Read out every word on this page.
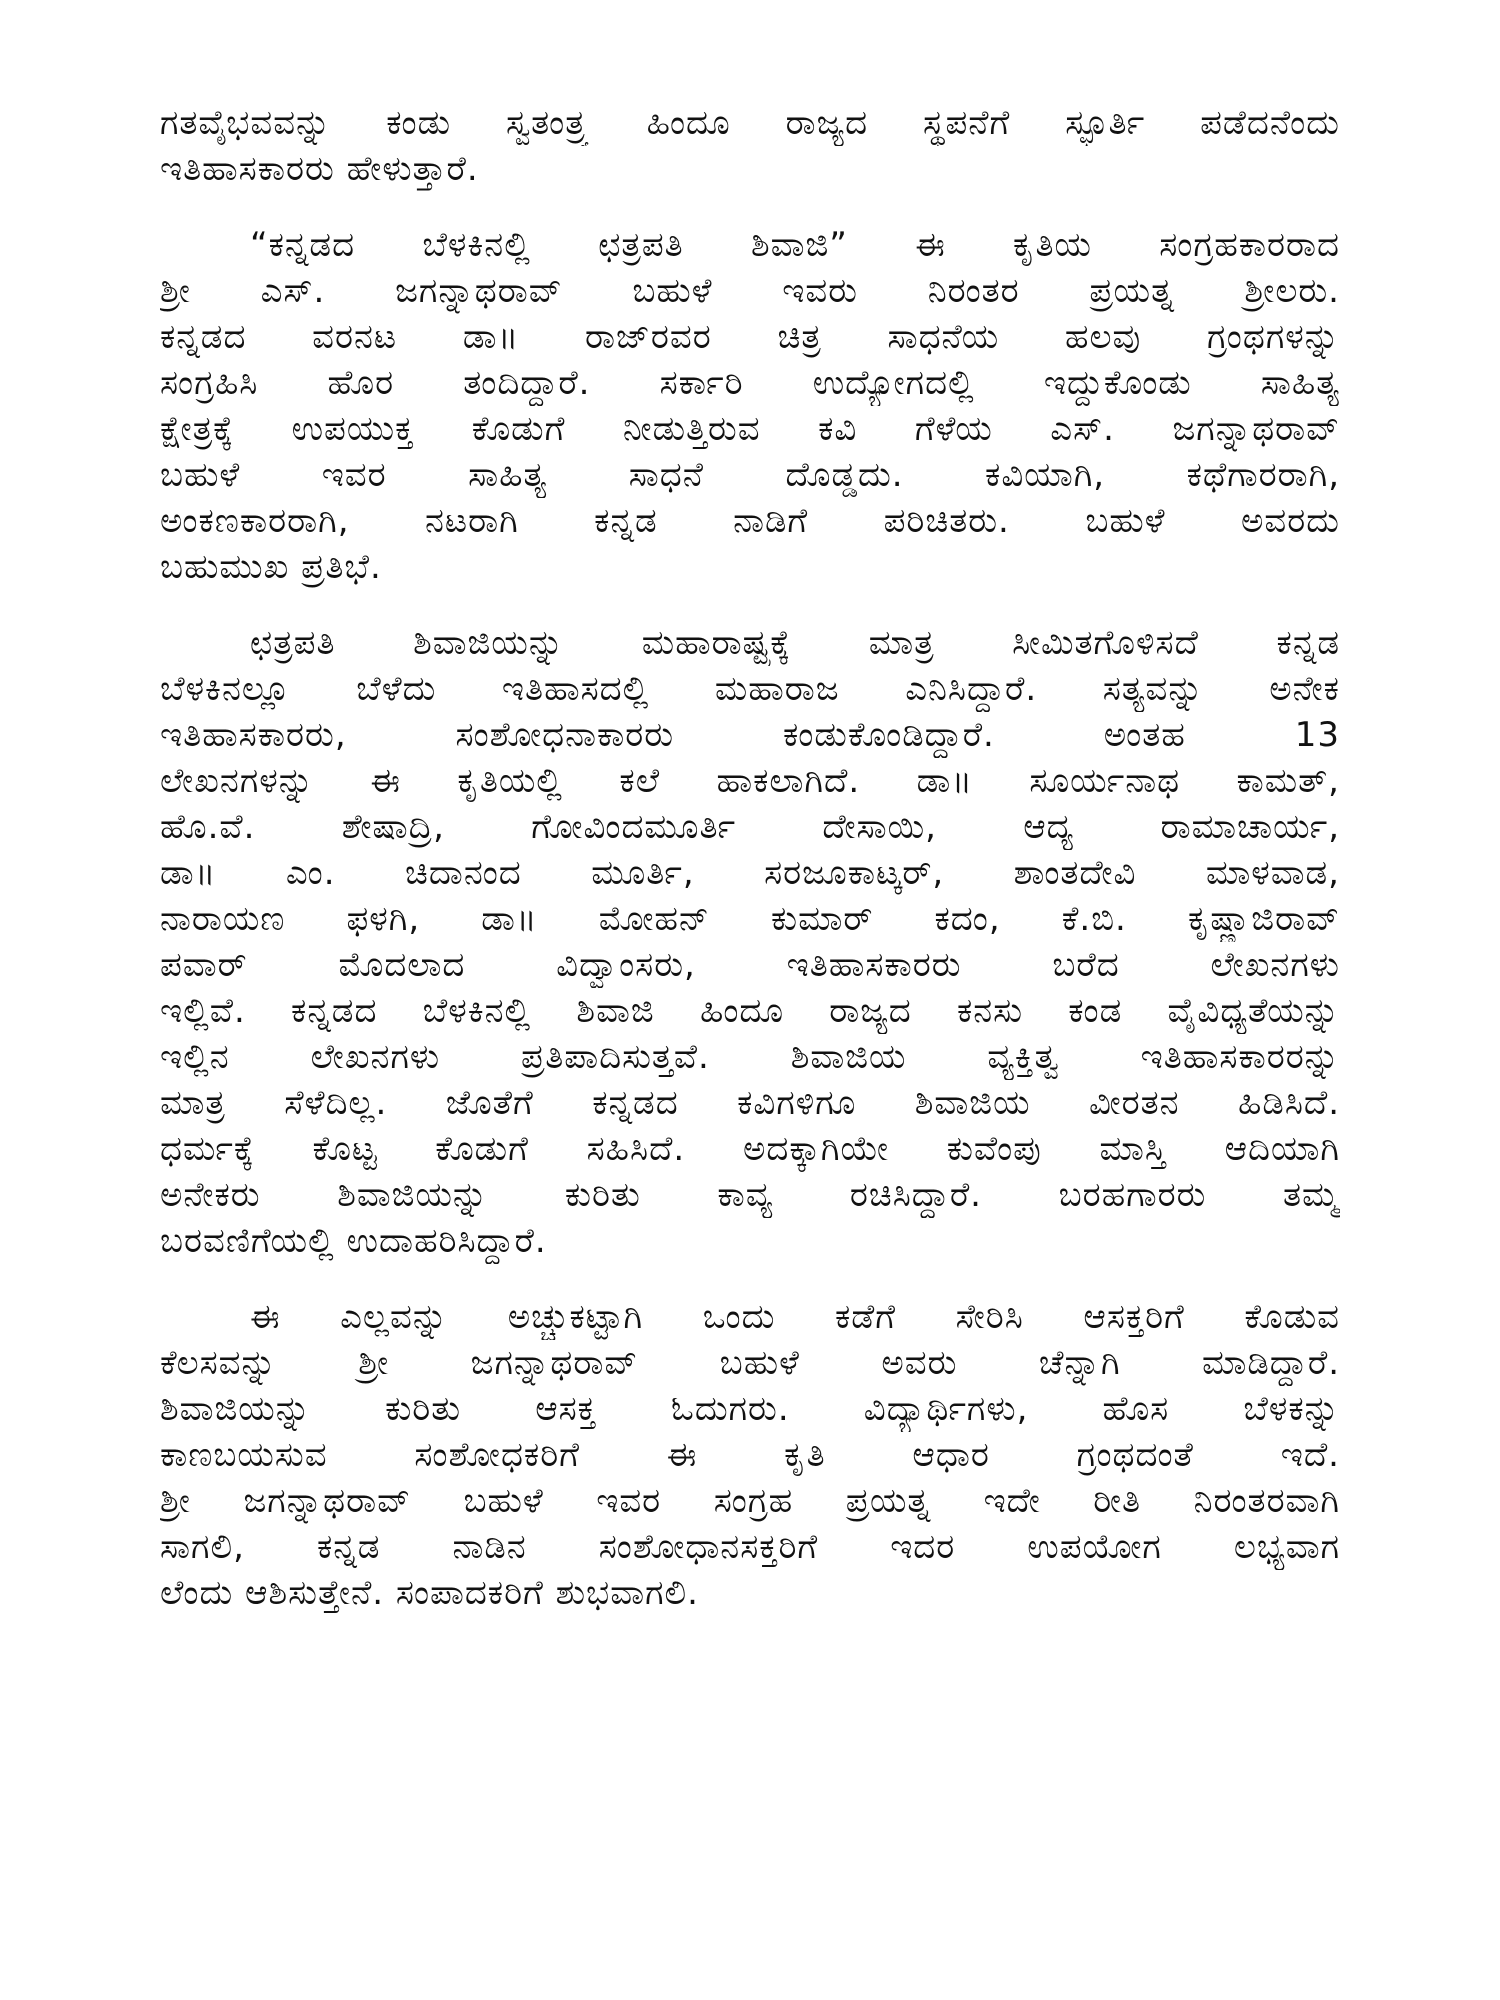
ಗತವೈಭವವನ್ನು ಕಂಡು ಸ್ವತಂತ್ರ್ಯ ಹಿಂದೂ ರಾಜ್ಯದ ಸ್ಥಪನೆಗೆ ಸ್ಫೂರ್ತಿ ಪಡೆದನೆಂದು
ಇತಿಹಾಸಕಾರರು ಹೇಳುತ್ತಾರೆ.
“ಕನ್ನಡದ ಬೆಳಕಿನಲ್ಲಿ ಛತ್ರಪತಿ ಶಿವಾಜಿ” ಈ ಕೃತಿಯ ಸಂಗ್ರಹಕಾರರಾದ
ಶ್ರೀ ಎಸ್. ಜಗನ್ನಾಥರಾವ್ ಬಹುಳೆ ಇವರು ನಿರಂತರ ಪ್ರಯತ್ನ ಶ್ರೀಲರು.
ಕನ್ನಡದ ವರನಟ ಡಾ॥ ರಾಜ್‌ರವರ ಚಿತ್ರ ಸಾಧನೆಯ ಹಲವು ಗ್ರಂಥಗಳನ್ನು
ಸಂಗ್ರಹಿಸಿ ಹೊರ ತಂದಿದ್ದಾರೆ. ಸರ್ಕಾರಿ ಉದ್ಯೋಗದಲ್ಲಿ ಇದ್ದುಕೊಂಡು ಸಾಹಿತ್ಯ
ಕ್ಷೇತ್ರಕ್ಕೆ ಉಪಯುಕ್ತ ಕೊಡುಗೆ ನೀಡುತ್ತಿರುವ ಕವಿ ಗೆಳೆಯ ಎಸ್. ಜಗನ್ನಾಥರಾವ್
ಬಹುಳೆ ಇವರ ಸಾಹಿತ್ಯ ಸಾಧನೆ ದೊಡ್ಡದು. ಕವಿಯಾಗಿ, ಕಥೆಗಾರರಾಗಿ,
ಅಂಕಣಕಾರರಾಗಿ, ನಟರಾಗಿ ಕನ್ನಡ ನಾಡಿಗೆ ಪರಿಚಿತರು. ಬಹುಳೆ ಅವರದು
ಬಹುಮುಖ ಪ್ರತಿಭೆ.
ಛತ್ರಪತಿ ಶಿವಾಜಿಯನ್ನು ಮಹಾರಾಷ್ಟ್ರಕ್ಕೆ ಮಾತ್ರ ಸೀಮಿತಗೊಳಿಸದೆ ಕನ್ನಡ
ಬೆಳಕಿನಲ್ಲೂ ಬೆಳೆದು ಇತಿಹಾಸದಲ್ಲಿ ಮಹಾರಾಜ ಎನಿಸಿದ್ದಾರೆ. ಸತ್ಯವನ್ನು ಅನೇಕ
ಇತಿಹಾಸಕಾರರು, ಸಂಶೋಧನಾಕಾರರು ಕಂಡುಕೊಂಡಿದ್ದಾರೆ. ಅಂತಹ 13
ಲೇಖನಗಳನ್ನು ಈ ಕೃತಿಯಲ್ಲಿ ಕಲೆ ಹಾಕಲಾಗಿದೆ. ಡಾ॥ ಸೂರ್ಯನಾಥ ಕಾಮತ್,
ಹೊ.ವೆ. ಶೇಷಾದ್ರಿ, ಗೋವಿಂದಮೂರ್ತಿ ದೇಸಾಯಿ, ಆದ್ಯ ರಾಮಾಚಾರ್ಯ,
ಡಾ॥ ಎಂ. ಚಿದಾನಂದ ಮೂರ್ತಿ, ಸರಜೂಕಾಟ್ಕರ್, ಶಾಂತದೇವಿ ಮಾಳವಾಡ,
ನಾರಾಯಣ ಫಳಗಿ, ಡಾ॥ ಮೋಹನ್ ಕುಮಾರ್ ಕದಂ, ಕೆ.ಬಿ. ಕೃಷ್ಣಾಜಿರಾವ್
ಪವಾರ್ ಮೊದಲಾದ ವಿದ್ವಾಂಸರು, ಇತಿಹಾಸಕಾರರು ಬರೆದ ಲೇಖನಗಳು
ಇಲ್ಲಿವೆ. ಕನ್ನಡದ ಬೆಳಕಿನಲ್ಲಿ ಶಿವಾಜಿ ಹಿಂದೂ ರಾಜ್ಯದ ಕನಸು ಕಂಡ ವೈವಿಧ್ಯತೆಯನ್ನು
ಇಲ್ಲಿನ ಲೇಖನಗಳು ಪ್ರತಿಪಾದಿಸುತ್ತವೆ. ಶಿವಾಜಿಯ ವ್ಯಕ್ತಿತ್ವ ಇತಿಹಾಸಕಾರರನ್ನು
ಮಾತ್ರ ಸೆಳೆದಿಲ್ಲ. ಜೊತೆಗೆ ಕನ್ನಡದ ಕವಿಗಳಿಗೂ ಶಿವಾಜಿಯ ವೀರತನ ಹಿಡಿಸಿದೆ.
ಧರ್ಮಕ್ಕೆ ಕೊಟ್ಟ ಕೊಡುಗೆ ಸಹಿಸಿದೆ. ಅದಕ್ಕಾಗಿಯೇ ಕುವೆಂಪು ಮಾಸ್ತಿ ಆದಿಯಾಗಿ
ಅನೇಕರು ಶಿವಾಜಿಯನ್ನು ಕುರಿತು ಕಾವ್ಯ ರಚಿಸಿದ್ದಾರೆ. ಬರಹಗಾರರು ತಮ್ಮ
ಬರವಣಿಗೆಯಲ್ಲಿ ಉದಾಹರಿಸಿದ್ದಾರೆ.
ಈ ಎಲ್ಲವನ್ನು ಅಚ್ಚುಕಟ್ಟಾಗಿ ಒಂದು ಕಡೆಗೆ ಸೇರಿಸಿ ಆಸಕ್ತರಿಗೆ ಕೊಡುವ
ಕೆಲಸವನ್ನು ಶ್ರೀ ಜಗನ್ನಾಥರಾವ್ ಬಹುಳೆ ಅವರು ಚೆನ್ನಾಗಿ ಮಾಡಿದ್ದಾರೆ.
ಶಿವಾಜಿಯನ್ನು ಕುರಿತು ಆಸಕ್ತ ಓದುಗರು. ವಿದ್ಯಾರ್ಥಿಗಳು, ಹೊಸ ಬೆಳಕನ್ನು
ಕಾಣಬಯಸುವ ಸಂಶೋಧಕರಿಗೆ ಈ ಕೃತಿ ಆಧಾರ ಗ್ರಂಥದಂತೆ ಇದೆ.
ಶ್ರೀ ಜಗನ್ನಾಥರಾವ್ ಬಹುಳೆ ಇವರ ಸಂಗ್ರಹ ಪ್ರಯತ್ನ ಇದೇ ರೀತಿ ನಿರಂತರವಾಗಿ
ಸಾಗಲಿ, ಕನ್ನಡ ನಾಡಿನ ಸಂಶೋಧಾನಸಕ್ತರಿಗೆ ಇದರ ಉಪಯೋಗ ಲಭ್ಯವಾಗ
ಲೆಂದು ಆಶಿಸುತ್ತೇನೆ. ಸಂಪಾದಕರಿಗೆ ಶುಭವಾಗಲಿ.
